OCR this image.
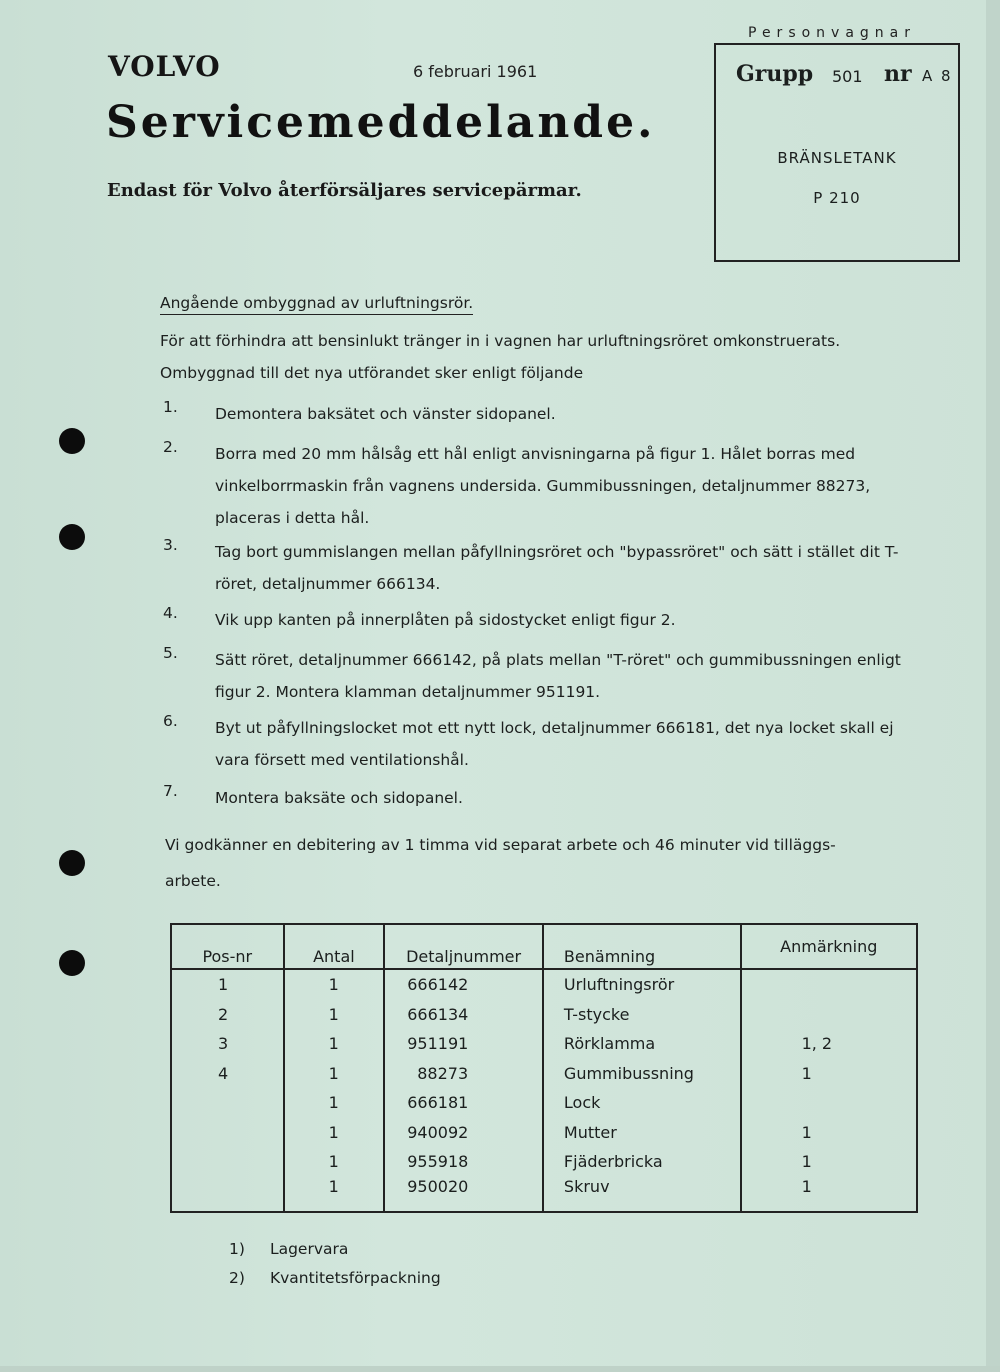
VOLVO	6 februari 1961
Servicemeddelande.
Endast för Volvo återförsäljares servicepärmar.
Personvagnar
Grupp 501 nr A 8
BRÄNSLETANK
P 210
Angående ombyggnad av urluftningsrör.
För att förhindra att bensinlukt tränger in i vagnen har urluftningsröret omkonstruerats.
Ombyggnad till det nya utförandet sker enligt följande
1.	Demontera baksätet och vänster sidopanel.
2.	Borra med 20 mm hålsåg ett hål enligt anvisningarna på figur 1. Hålet borras med vinkelborrmaskin från vagnens undersida. Gummibussningen, detaljnummer 88273, placeras i detta hål.
3.	Tag bort gummislangen mellan påfyllningsröret och "bypassröret" och sätt i stället dit T-röret, detaljnummer 666134.
4.	Vik upp kanten på innerplåten på sidostycket enligt figur 2.
5.	Sätt röret, detaljnummer 666142, på plats mellan "T-röret" och gummibussningen enligt figur 2. Montera klamman detaljnummer 951191.
6.	Byt ut påfyllningslocket mot ett nytt lock, detaljnummer 666181, det nya locket skall ej vara försett med ventilationshål.
7.	Montera baksäte och sidopanel.
Vi godkänner en debitering av 1 timma vid separat arbete och 46 minuter vid tilläggs-
arbete.
Pos-nr	Antal	Detaljnummer	Benämning	Anmärkning
1	1	666142	Urluftningsrör	
2	1	666134	T-stycke	
3	1	951191	Rörklamma	1, 2
4	1	88273	Gummibussning	1
	1	666181	Lock	
	1	940092	Mutter	1
	1	955918	Fjäderbricka	1
	1	950020	Skruv	1
1) Lagervara
2) Kvantitetsförpackning
